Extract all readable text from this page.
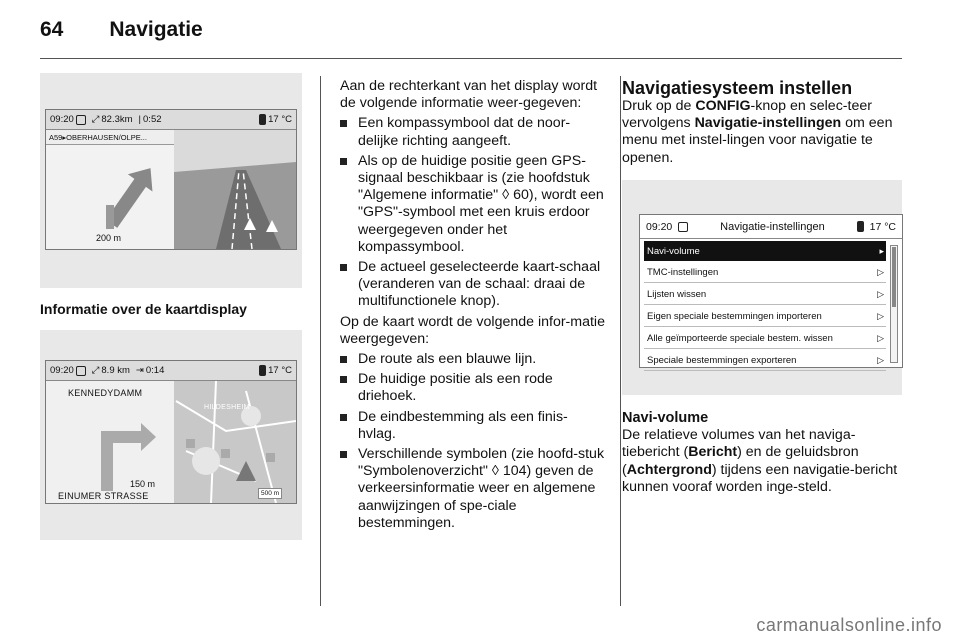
64 Navigatie
09:20 ⤢ 82.3km | 0:52	17 °C
A59▸OBERHAUSEN/OLPE...
200 m
Informatie over de kaartdisplay
09:20 ⤢ 8.9 km ⇥ 0:14	17 °C
KENNEDYDAMM
HILDESHEIM
150 m
EINUMER STRASSE	500 m

Aan de rechterkant van het display wordt de volgende informatie weer-gegeven:

Een kompassymbool dat de noor-delijke richting aangeeft.
Als op de huidige positie geen GPS-signaal beschikbaar is (zie hoofdstuk "Algemene informatie" ◊ 60), wordt een "GPS"-symbool met een kruis erdoor weergegeven onder het kompassymbool.
De actueel geselecteerde kaart-schaal (veranderen van de schaal: draai de multifunctionele knop).

Op de kaart wordt de volgende infor-matie weergegeven:

De route als een blauwe lijn.
De huidige positie als een rode driehoek.
De eindbestemming als een finis-hvlag.
Verschillende symbolen (zie hoofd-stuk "Symbolenoverzicht" ◊ 104) geven de verkeersinformatie weer en algemene aanwijzingen of spe-ciale bestemmingen.
Navigatiesysteem instellen

Druk op de CONFIG-knop en selec-teer vervolgens Navigatie-instellingen om een menu met instel-lingen voor navigatie te openen.

09:20	Navigatie-instellingen	17 °C
Navi-volume	▸
TMC-instellingen	▷
Lijsten wissen	▷
Eigen speciale bestemmingen importeren	▷
Alle geïmporteerde speciale bestem. wissen	▷
Speciale bestemmingen exporteren	▷
Navi-volume

De relatieve volumes van het naviga-tiebericht (Bericht) en de geluidsbron (Achtergrond) tijdens een navigatie-bericht kunnen vooraf worden inge-steld.

carmanualsonline.info
